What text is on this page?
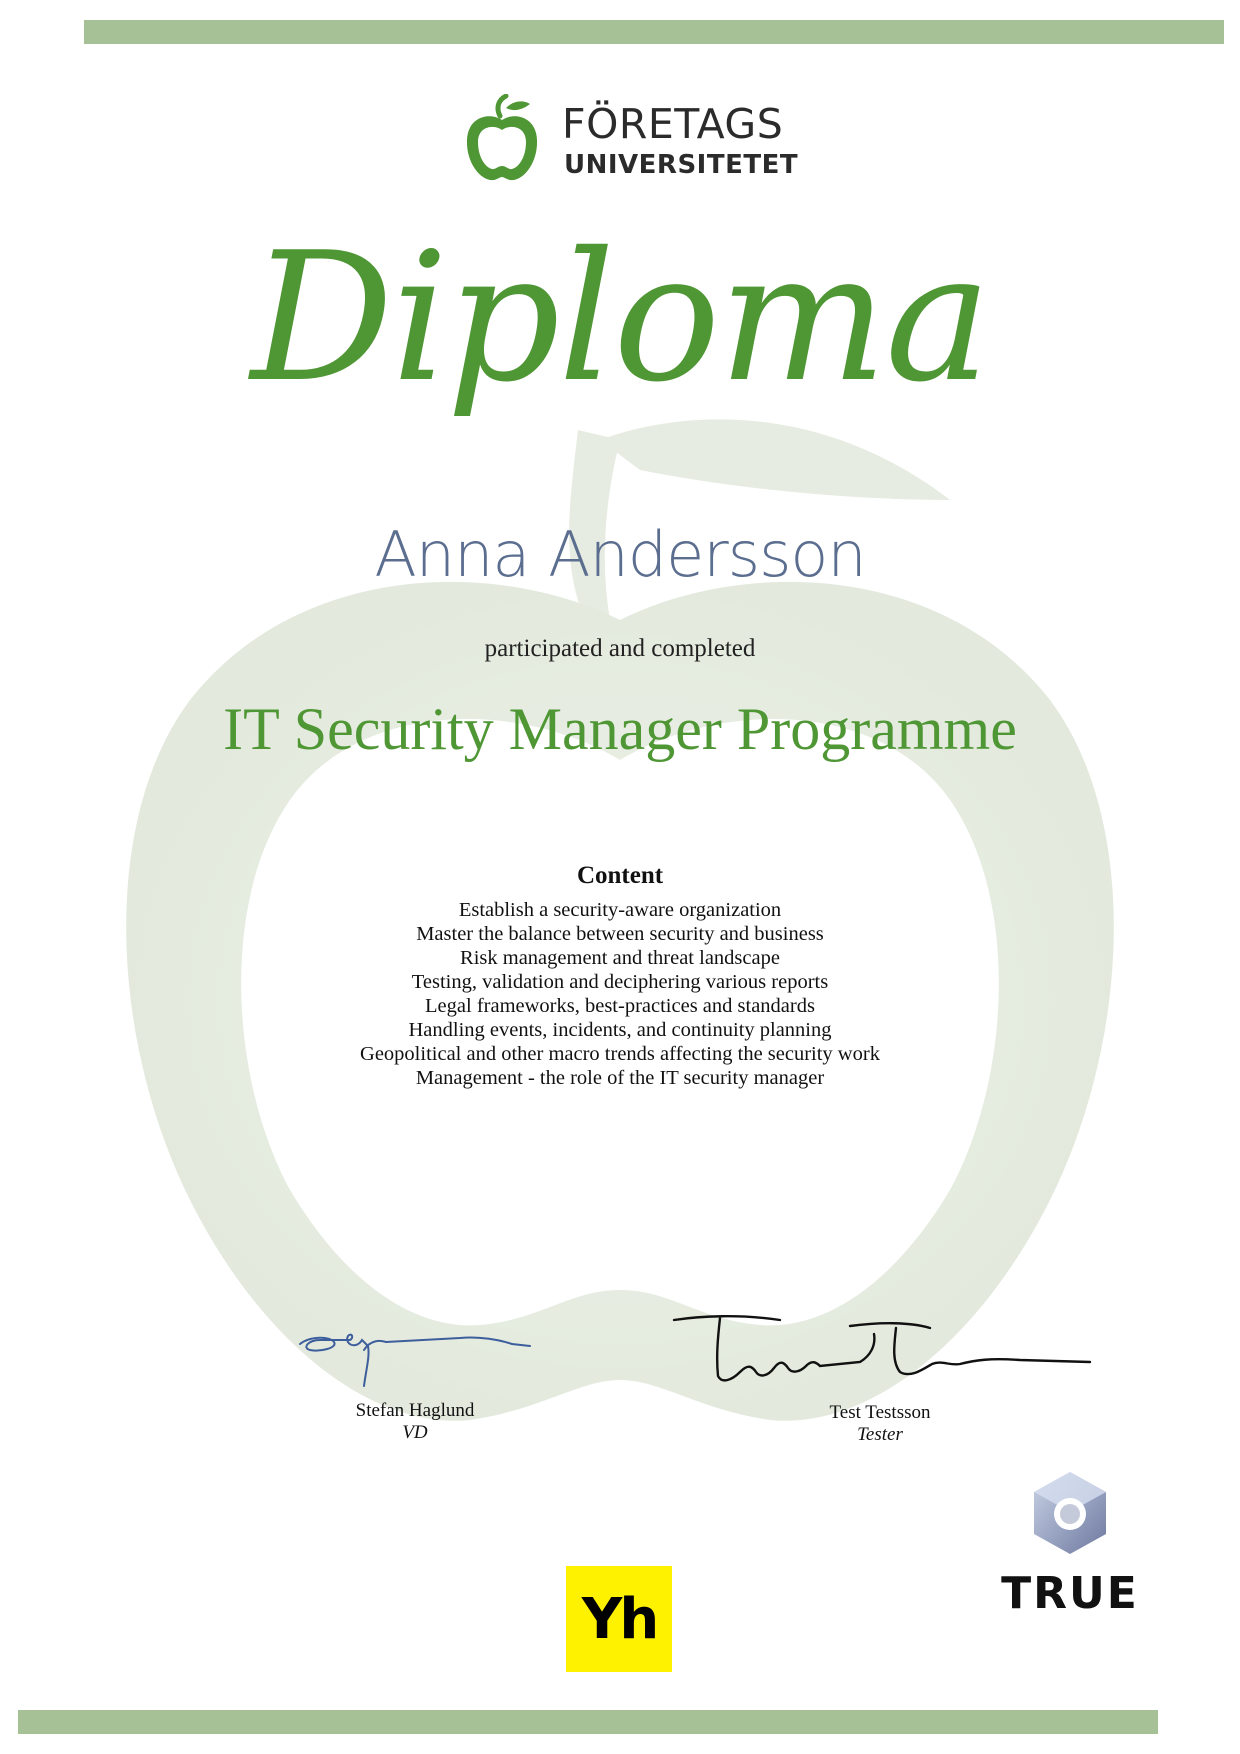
FÖRETAGS
UNIVERSITETET
Diploma
Anna Andersson
participated and completed
IT Security Manager Programme
Content
Establish a security-aware organization
Master the balance between security and business
Risk management and threat landscape
Testing, validation and deciphering various reports
Legal frameworks, best-practices and standards
Handling events, incidents, and continuity planning
Geopolitical and other macro trends affecting the security work
Management - the role of the IT security manager
Stefan Haglund
VD
Test Testsson
Tester
TRUE
Yh
